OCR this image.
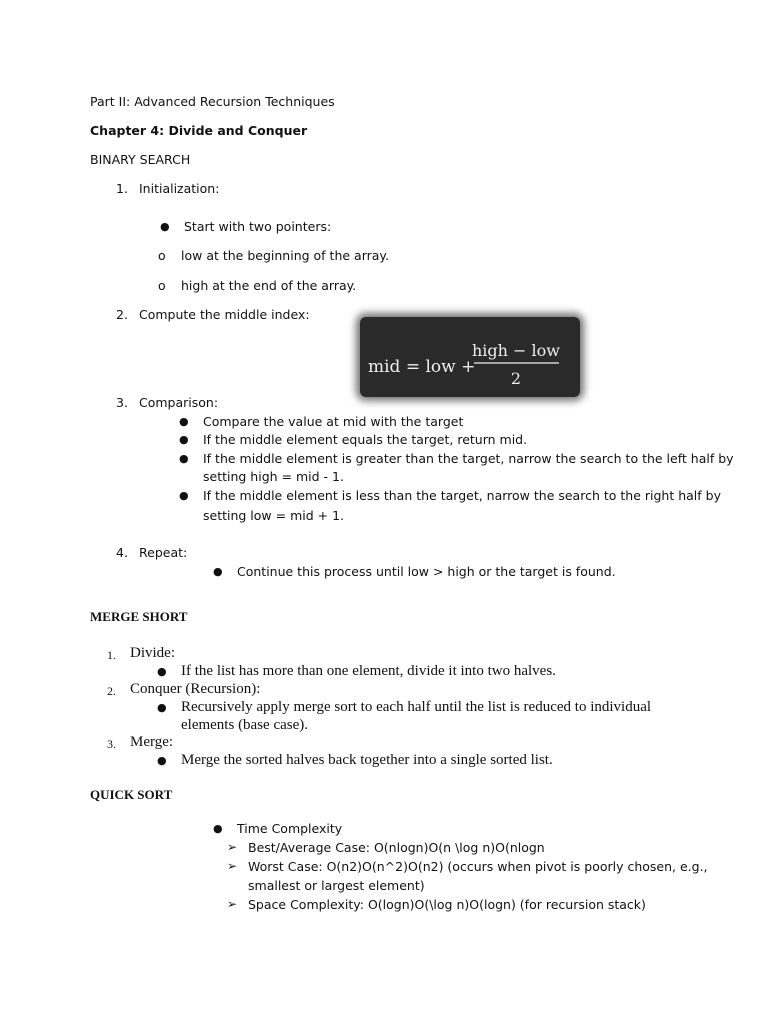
Part II: Advanced Recursion Techniques
Chapter 4: Divide and Conquer
BINARY SEARCH
1. Initialization:
● Start with two pointers:
o low at the beginning of the array.
o high at the end of the array.
2. Compute the middle index:
mid = low +
high − low
2
3. Comparison:
● Compare the value at mid with the target
● If the middle element equals the target, return mid.
● If the middle element is greater than the target, narrow the search to the left half by
setting high = mid - 1.
● If the middle element is less than the target, narrow the search to the right half by
setting low = mid + 1.
4. Repeat:
● Continue this process until low > high or the target is found.
MERGE SHORT
1. Divide:
● If the list has more than one element, divide it into two halves.
2. Conquer (Recursion):
● Recursively apply merge sort to each half until the list is reduced to individual
elements (base case).
3. Merge:
● Merge the sorted halves back together into a single sorted list.
QUICK SORT
● Time Complexity
➢ Best/Average Case: O(nlogn)O(n \log n)O(nlogn
➢ Worst Case: O(n2)O(n^2)O(n2) (occurs when pivot is poorly chosen, e.g.,
smallest or largest element)
➢ Space Complexity: O(logn)O(\log n)O(logn) (for recursion stack)
